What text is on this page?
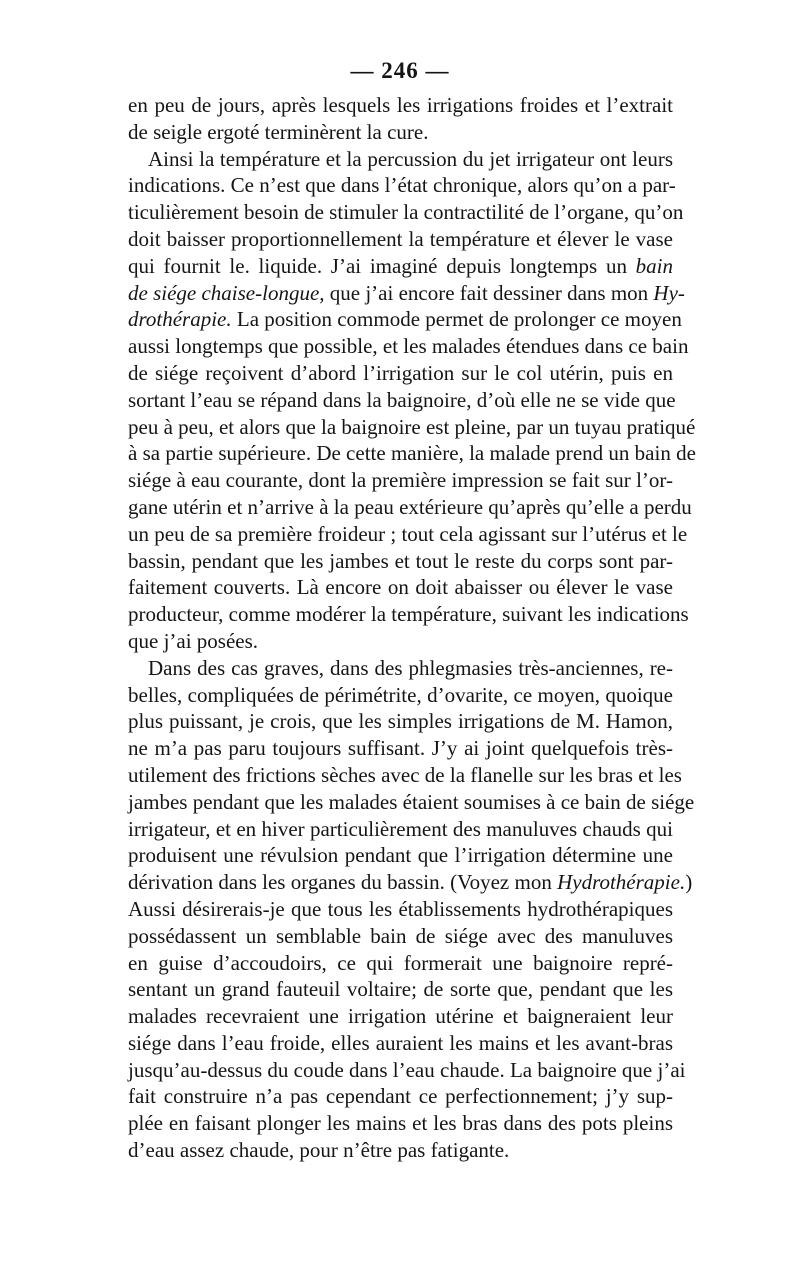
— 246 —
en peu de jours, après lesquels les irrigations froides et l’extrait
de seigle ergoté terminèrent la cure.
Ainsi la température et la percussion du jet irrigateur ont leurs
indications. Ce n’est que dans l’état chronique, alors qu’on a par-
ticulièrement besoin de stimuler la contractilité de l’organe, qu’on
doit baisser proportionnellement la température et élever le vase
qui fournit le. liquide. J’ai imaginé depuis longtemps un bain
de siége chaise-longue, que j’ai encore fait dessiner dans mon Hy-
drothérapie. La position commode permet de prolonger ce moyen
aussi longtemps que possible, et les malades étendues dans ce bain
de siége reçoivent d’abord l’irrigation sur le col utérin, puis en
sortant l’eau se répand dans la baignoire, d’où elle ne se vide que
peu à peu, et alors que la baignoire est pleine, par un tuyau pratiqué
à sa partie supérieure. De cette manière, la malade prend un bain de
siége à eau courante, dont la première impression se fait sur l’or-
gane utérin et n’arrive à la peau extérieure qu’après qu’elle a perdu
un peu de sa première froideur ; tout cela agissant sur l’utérus et le
bassin, pendant que les jambes et tout le reste du corps sont par-
faitement couverts. Là encore on doit abaisser ou élever le vase
producteur, comme modérer la température, suivant les indications
que j’ai posées.
Dans des cas graves, dans des phlegmasies très-anciennes, re-
belles, compliquées de périmétrite, d’ovarite, ce moyen, quoique
plus puissant, je crois, que les simples irrigations de M. Hamon,
ne m’a pas paru toujours suffisant. J’y ai joint quelquefois très-
utilement des frictions sèches avec de la flanelle sur les bras et les
jambes pendant que les malades étaient soumises à ce bain de siége
irrigateur, et en hiver particulièrement des manuluves chauds qui
produisent une révulsion pendant que l’irrigation détermine une
dérivation dans les organes du bassin. (Voyez mon Hydrothérapie.)
Aussi désirerais-je que tous les établissements hydrothérapiques
possédassent un semblable bain de siége avec des manuluves
en guise d’accoudoirs, ce qui formerait une baignoire repré-
sentant un grand fauteuil voltaire; de sorte que, pendant que les
malades recevraient une irrigation utérine et baigneraient leur
siége dans l’eau froide, elles auraient les mains et les avant-bras
jusqu’au-dessus du coude dans l’eau chaude. La baignoire que j’ai
fait construire n’a pas cependant ce perfectionnement; j’y sup-
plée en faisant plonger les mains et les bras dans des pots pleins
d’eau assez chaude, pour n’être pas fatigante.
